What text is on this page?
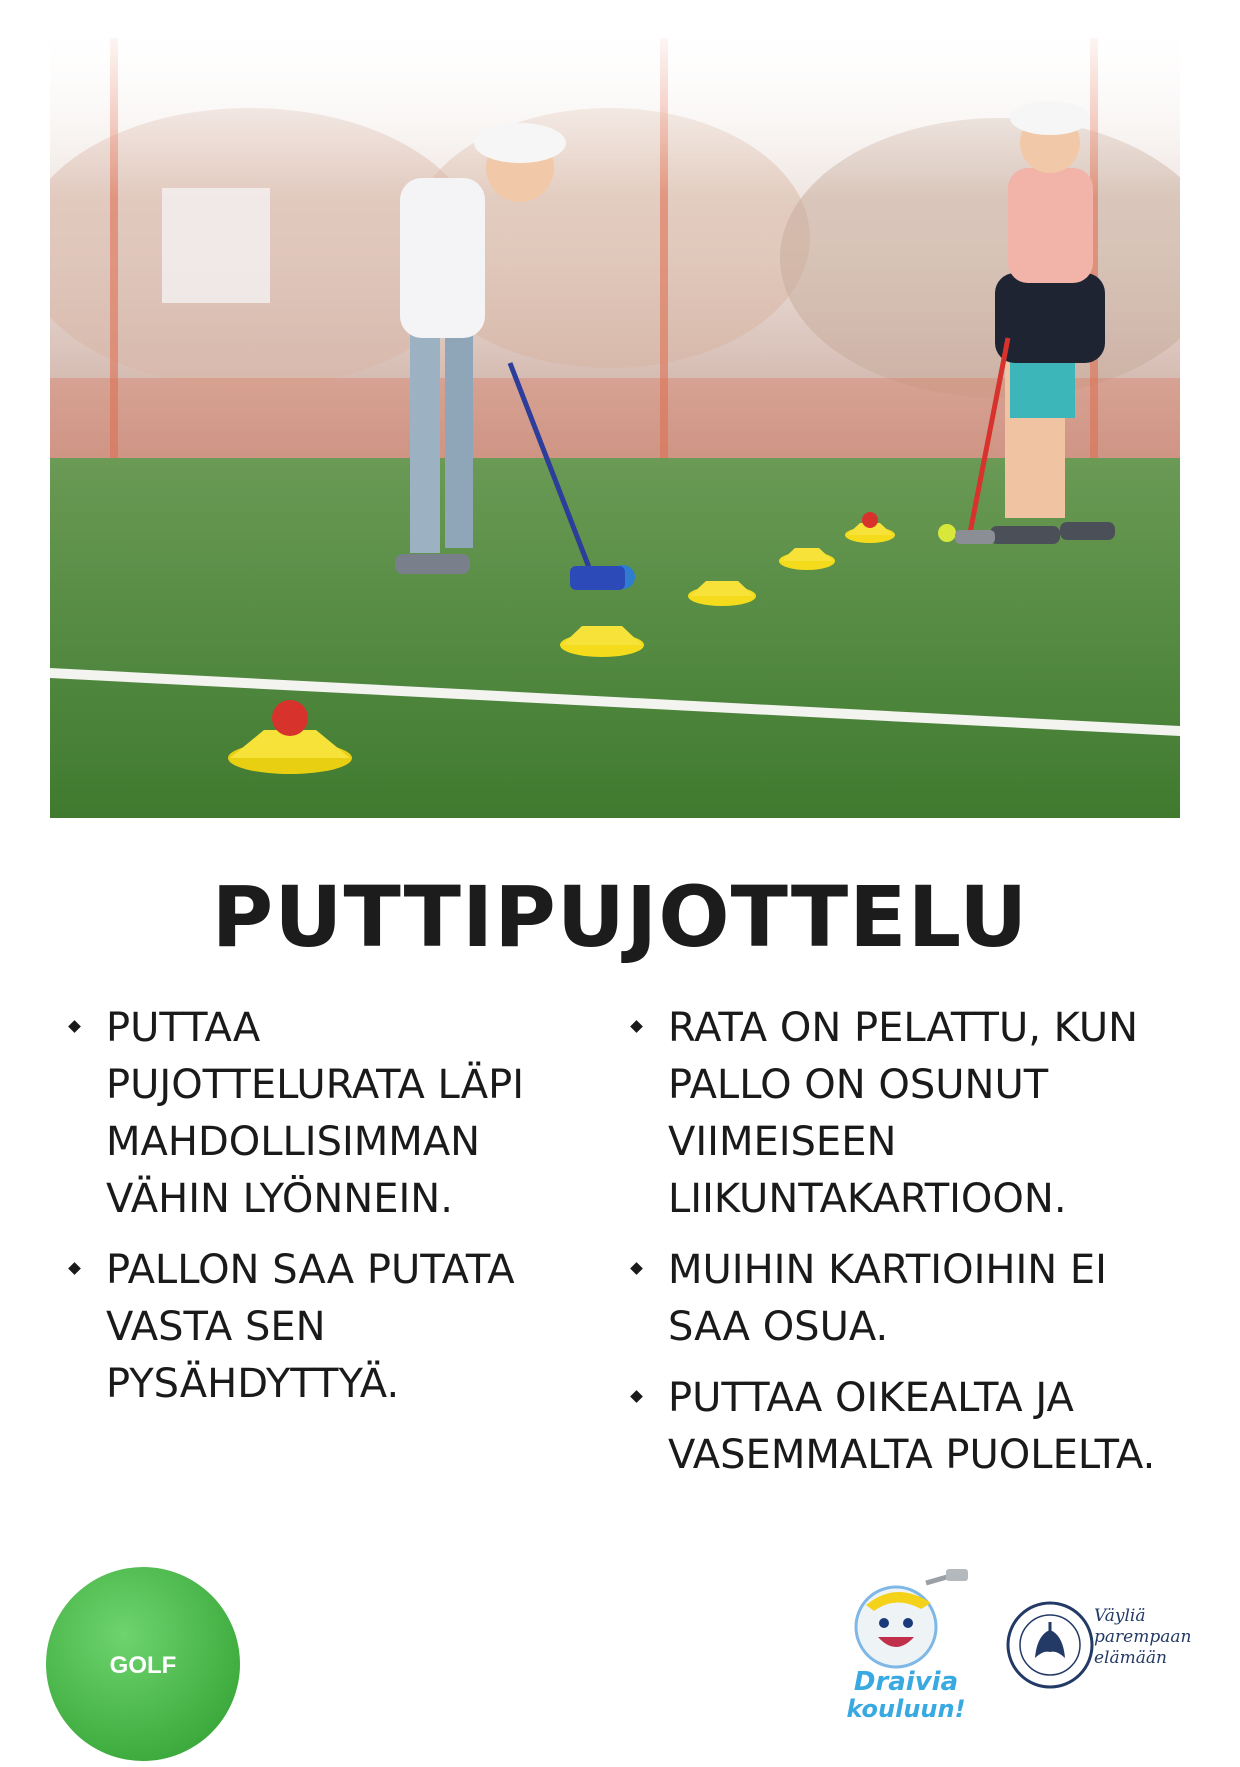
PUTTIPUJOTTELU
PUTTAA PUJOTTELURATA LÄPI MAHDOLLISIMMAN VÄHIN LYÖNNEIN.
PALLON SAA PUTATA VASTA SEN PYSÄHDYTTYÄ.
RATA ON PELATTU, KUN PALLO ON OSUNUT VIIMEISEEN LIIKUNTAKARTIOON.
MUIHIN KARTIOIHIN EI SAA OSUA.
PUTTAA OIKEALTA JA VASEMMALTA PUOLELTA.
GOLF
Draivia
kouluun!
Väyliä
parempaan
elämään
